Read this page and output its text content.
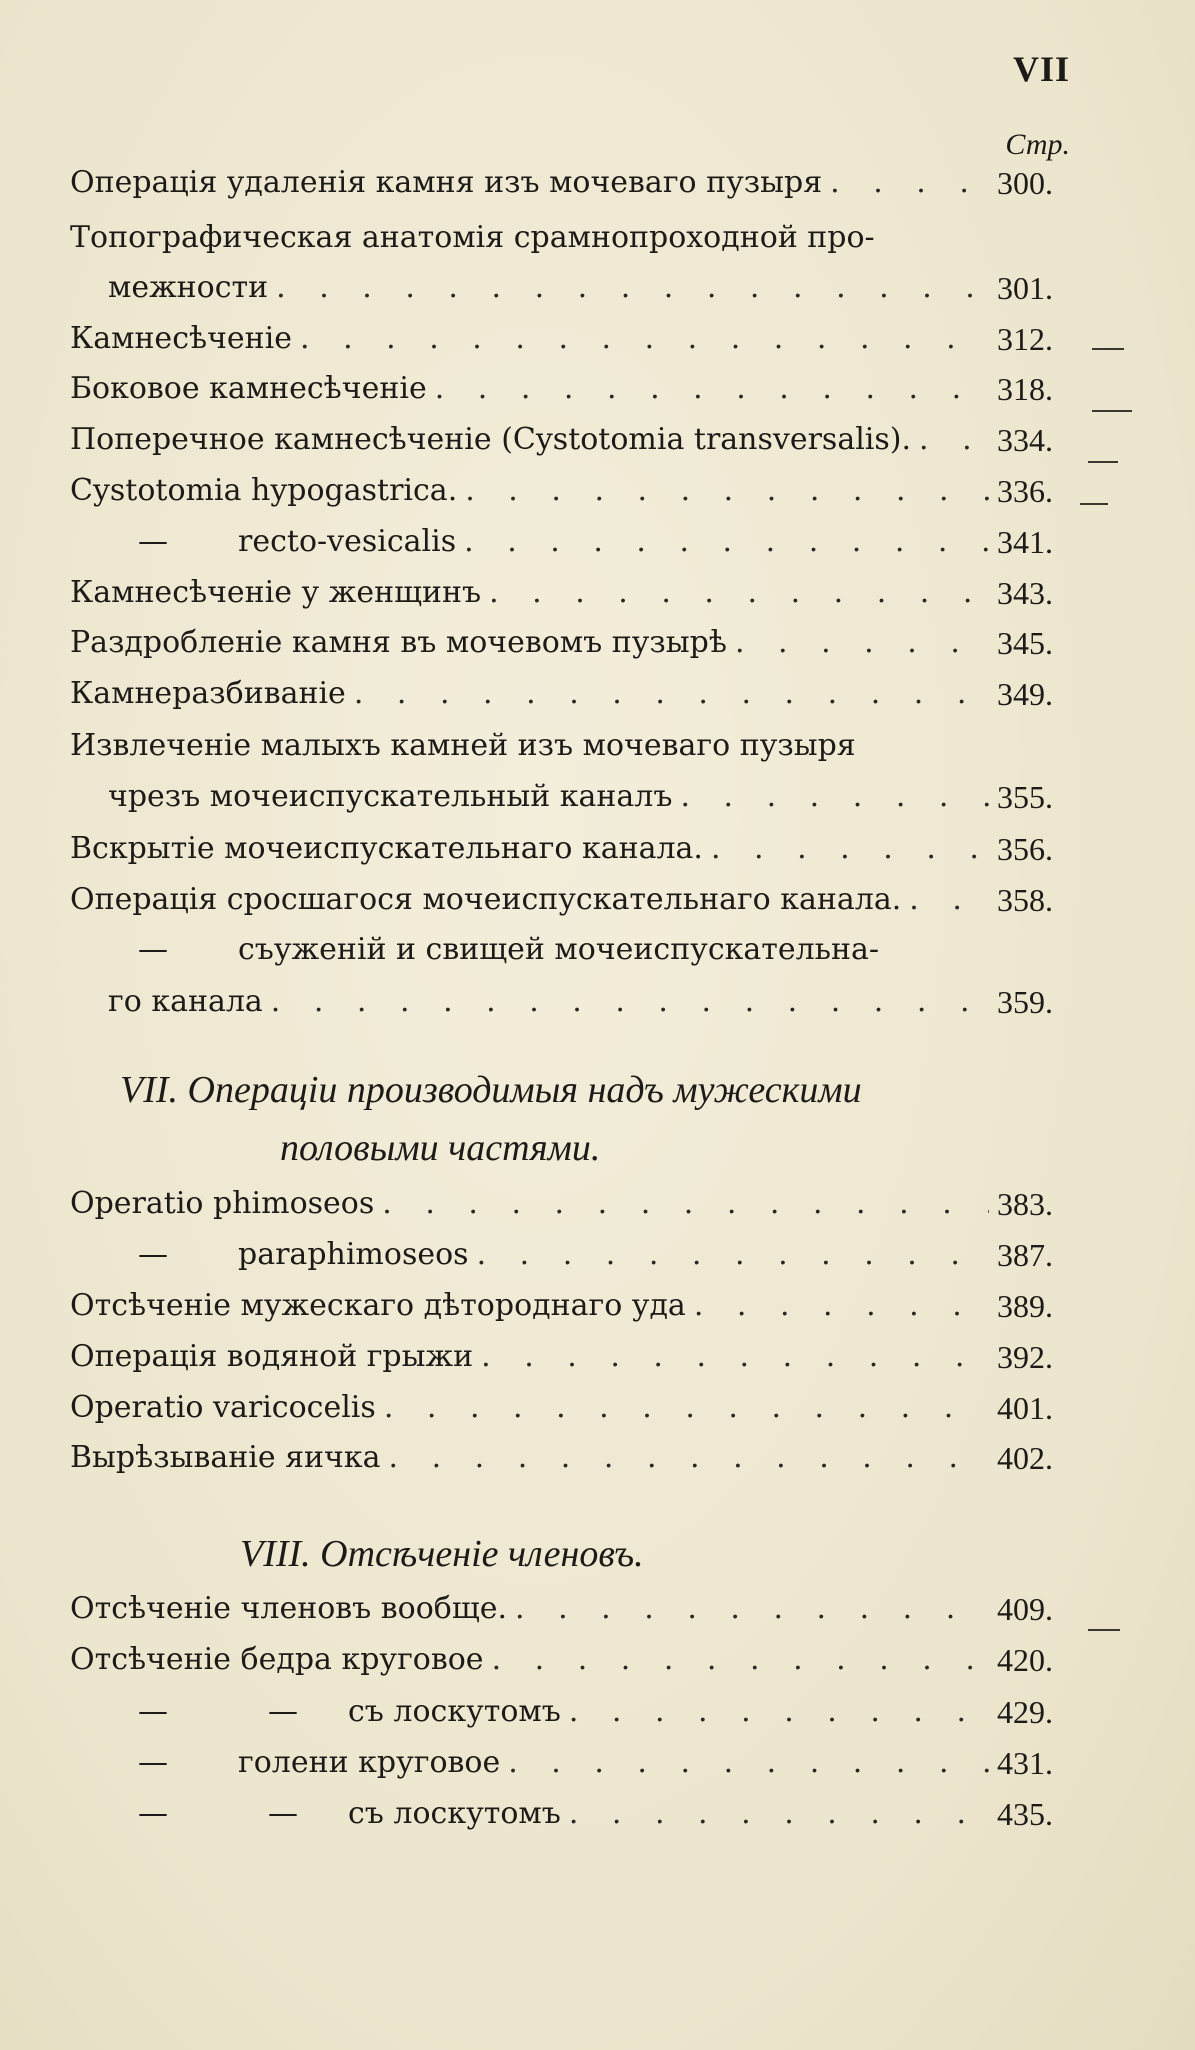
VII
Стр.
Операція удаленія камня изъ мочеваго пузыря . . .	300.
Топографическая анатомія срамнопроходной про-
межности . . .	301.
Камнесѣченіе . . .	312.
Боковое камнесѣченіе . . .	318.
Поперечное камнесѣченіе (Cystotomia transversalis). . . .	334.
Cystotomia hypogastrica. . . .	336.
— recto-vesicalis . . .	341.
Камнесѣченіе у женщинъ . . .	343.
Раздробленіе камня въ мочевомъ пузырѣ . . .	345.
Камнеразбиваніе . . .	349.
Извлеченіе малыхъ камней изъ мочеваго пузыря
чрезъ мочеиспускательный каналъ . . .	355.
Вскрытіе мочеиспускательнаго канала. . . .	356.
Операція сросшагося мочеиспускательнаго канала. . . .	358.
— съуженій и свищей мочеиспускательна-
го канала . . .	359.
VII. Операціи производимыя надъ мужескими
половыми частями.
Operatio phimoseos . . .	383.
— paraphimoseos . . .	387.
Отсѣченіе мужескаго дѣтороднаго уда . . .	389.
Операція водяной грыжи . . .	392.
Operatio varicocelis . . .	401.
Вырѣзываніе яичка . . .	402.
VIII. Отсѣченіе членовъ.
Отсѣченіе членовъ вообще. . . .	409.
Отсѣченіе бедра круговое . . .	420.
—	— съ лоскутомъ . . .	429.
— голени круговое . . .	431.
—	— съ лоскутомъ . . .	435.
